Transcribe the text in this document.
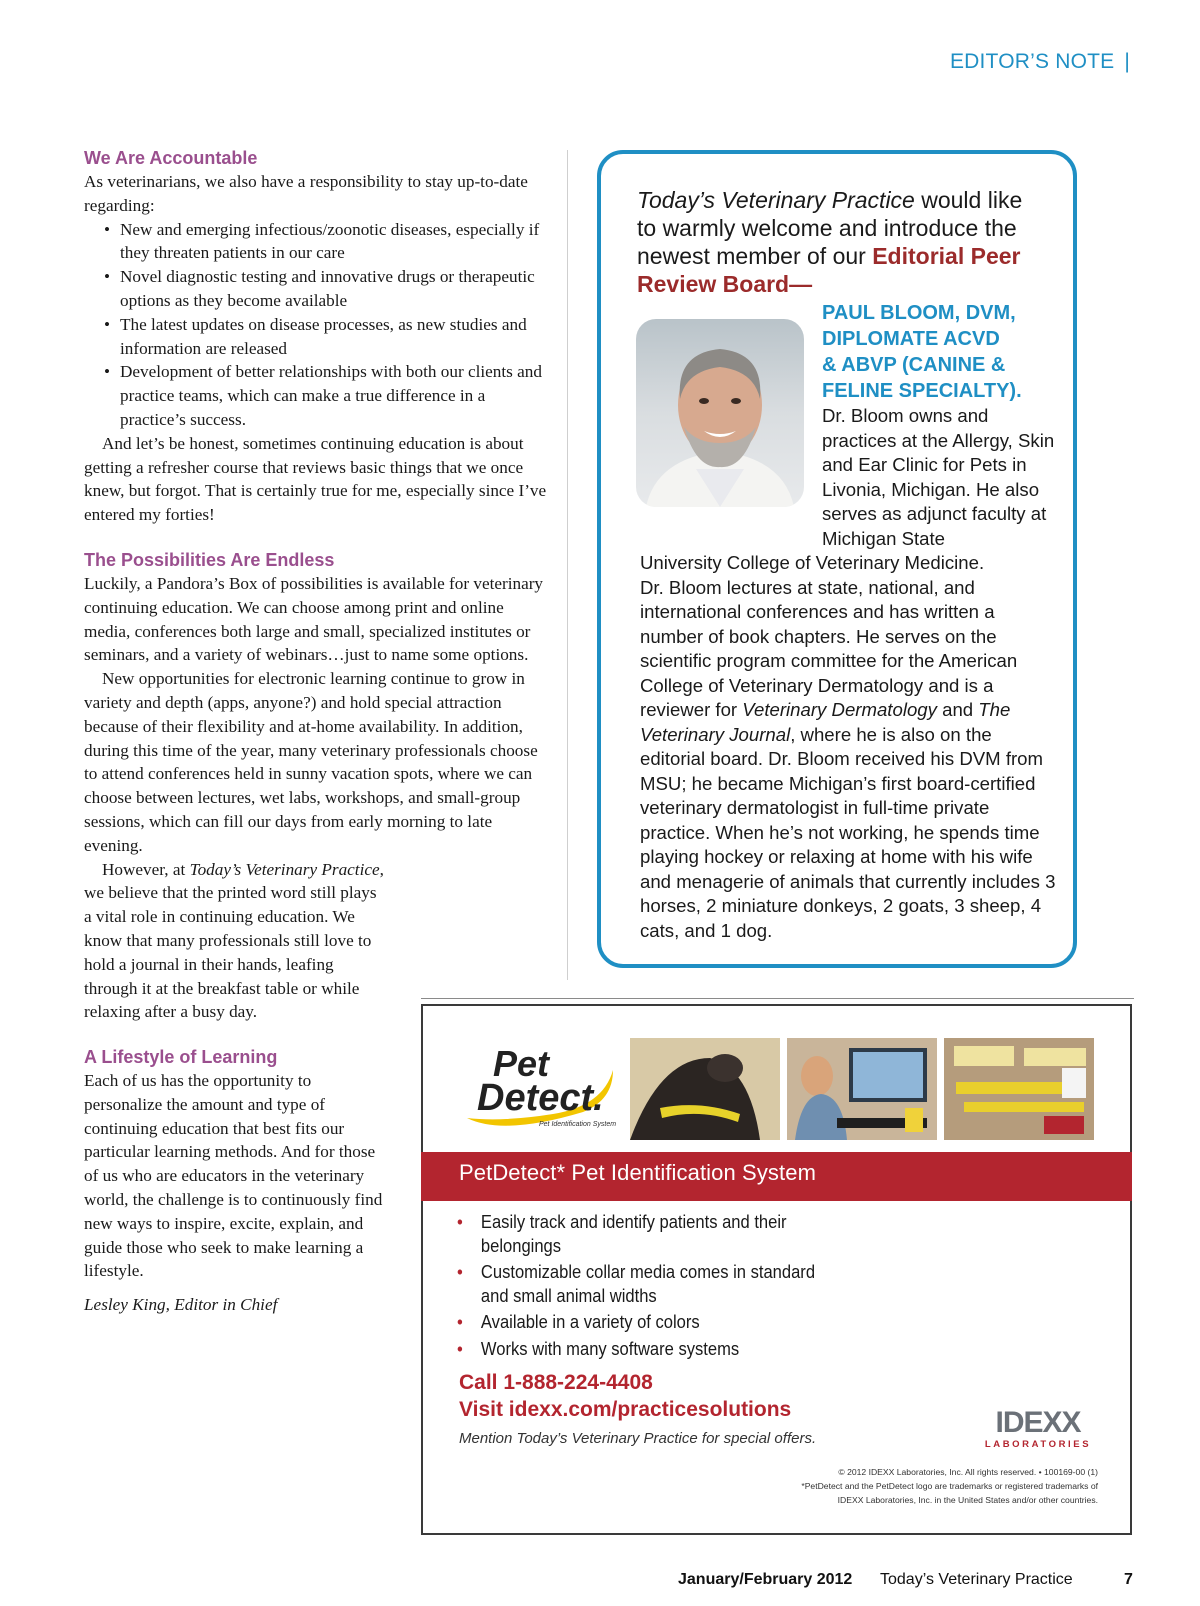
EDITOR’S NOTE |
We Are Accountable

As veterinarians, we also have a responsibility to stay up-to-date regarding:

• New and emerging infectious/zoonotic diseases, especially if they threaten patients in our care
• Novel diagnostic testing and innovative drugs or therapeutic options as they become available
• The latest updates on disease processes, as new studies and information are released
• Development of better relationships with both our clients and practice teams, which can make a true difference in a practice’s success.

And let’s be honest, sometimes continuing education is about getting a refresher course that reviews basic things that we once knew, but forgot. That is certainly true for me, especially since I’ve entered my forties!

The Possibilities Are Endless

Luckily, a Pandora’s Box of possibilities is available for veterinary continuing education. We can choose among print and online media, conferences both large and small, specialized institutes or seminars, and a variety of webinars…just to name some options.

New opportunities for electronic learning continue to grow in variety and depth (apps, anyone?) and hold special attraction because of their flexibility and at-home availability. In addition, during this time of the year, many veterinary professionals choose to attend conferences held in sunny vacation spots, where we can choose between lectures, wet labs, workshops, and small-group sessions, which can fill our days from early morning to late evening.

However, at Today’s Veterinary Practice, we believe that the printed word still plays a vital role in continuing education. We know that many professionals still love to hold a journal in their hands, leafing through it at the breakfast table or while relaxing after a busy day.

A Lifestyle of Learning

Each of us has the opportunity to personalize the amount and type of continuing education that best fits our particular learning methods. And for those of us who are educators in the veterinary world, the challenge is to continuously find new ways to inspire, excite, explain, and guide those who seek to make learning a lifestyle.

Lesley King, Editor in Chief

Today’s Veterinary Practice would like to warmly welcome and introduce the newest member of our Editorial Peer Review Board—
PAUL BLOOM, DVM,
DIPLOMATE ACVD
& ABVP (CANINE &
FELINE SPECIALTY).
Dr. Bloom owns and practices at the Allergy, Skin and Ear Clinic for Pets in Livonia, Michigan. He also serves as adjunct faculty at Michigan State
University College of Veterinary Medicine.
Dr. Bloom lectures at state, national, and international conferences and has written a number of book chapters. He serves on the scientific program committee for the American College of Veterinary Dermatology and is a reviewer for Veterinary Dermatology and The Veterinary Journal, where he is also on the editorial board. Dr. Bloom received his DVM from MSU; he became Michigan’s first board-certified veterinary dermatologist in full-time private practice. When he’s not working, he spends time playing hockey or relaxing at home with his wife and menagerie of animals that currently includes 3 horses, 2 miniature donkeys, 2 goats, 3 sheep, 4 cats, and 1 dog.
Pet
Detect.
Pet Identification System
PetDetect* Pet Identification System
• Easily track and identify patients and their belongings
• Customizable collar media comes in standard and small animal widths
• Available in a variety of colors
• Works with many software systems
Call 1-888-224-4408
Visit idexx.com/practicesolutions
Mention Today’s Veterinary Practice for special offers.	IDEXX
LABORATORIES
© 2012 IDEXX Laboratories, Inc. All rights reserved. • 100169-00 (1)
*PetDetect and the PetDetect logo are trademarks or registered trademarks of
IDEXX Laboratories, Inc. in the United States and/or other countries.
January/February 2012 Today’s Veterinary Practice	7
